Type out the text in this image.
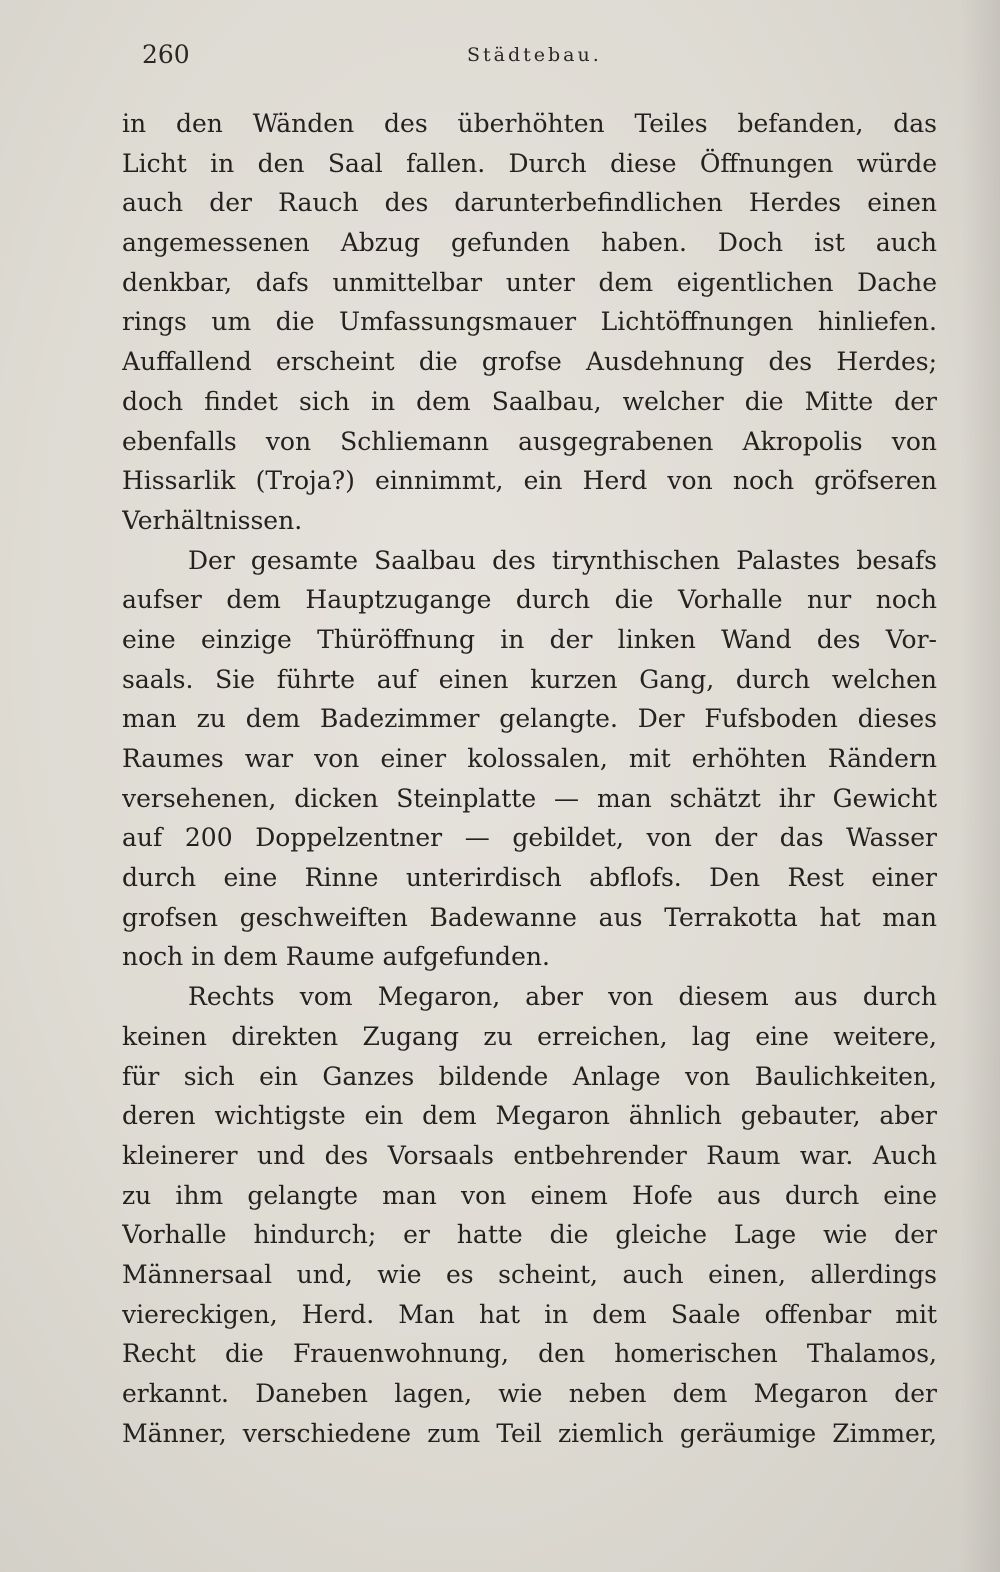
260	Städtebau.
in den Wänden des überhöhten Teiles befanden, das
Licht in den Saal fallen. Durch diese Öffnungen würde
auch der Rauch des darunterbefindlichen Herdes einen
angemessenen Abzug gefunden haben. Doch ist auch
denkbar, dafs unmittelbar unter dem eigentlichen Dache
rings um die Umfassungsmauer Lichtöffnungen hinliefen.
Auffallend erscheint die grofse Ausdehnung des Herdes;
doch findet sich in dem Saalbau, welcher die Mitte der
ebenfalls von Schliemann ausgegrabenen Akropolis von
Hissarlik (Troja?) einnimmt, ein Herd von noch gröfseren
Verhältnissen.
Der gesamte Saalbau des tirynthischen Palastes besafs
aufser dem Hauptzugange durch die Vorhalle nur noch
eine einzige Thüröffnung in der linken Wand des Vor-
saals. Sie führte auf einen kurzen Gang, durch welchen
man zu dem Badezimmer gelangte. Der Fufsboden dieses
Raumes war von einer kolossalen, mit erhöhten Rändern
versehenen, dicken Steinplatte — man schätzt ihr Gewicht
auf 200 Doppelzentner — gebildet, von der das Wasser
durch eine Rinne unterirdisch abflofs. Den Rest einer
grofsen geschweiften Badewanne aus Terrakotta hat man
noch in dem Raume aufgefunden.
Rechts vom Megaron, aber von diesem aus durch
keinen direkten Zugang zu erreichen, lag eine weitere,
für sich ein Ganzes bildende Anlage von Baulichkeiten,
deren wichtigste ein dem Megaron ähnlich gebauter, aber
kleinerer und des Vorsaals entbehrender Raum war. Auch
zu ihm gelangte man von einem Hofe aus durch eine
Vorhalle hindurch; er hatte die gleiche Lage wie der
Männersaal und, wie es scheint, auch einen, allerdings
viereckigen, Herd. Man hat in dem Saale offenbar mit
Recht die Frauenwohnung, den homerischen Thalamos,
erkannt. Daneben lagen, wie neben dem Megaron der
Männer, verschiedene zum Teil ziemlich geräumige Zimmer,
